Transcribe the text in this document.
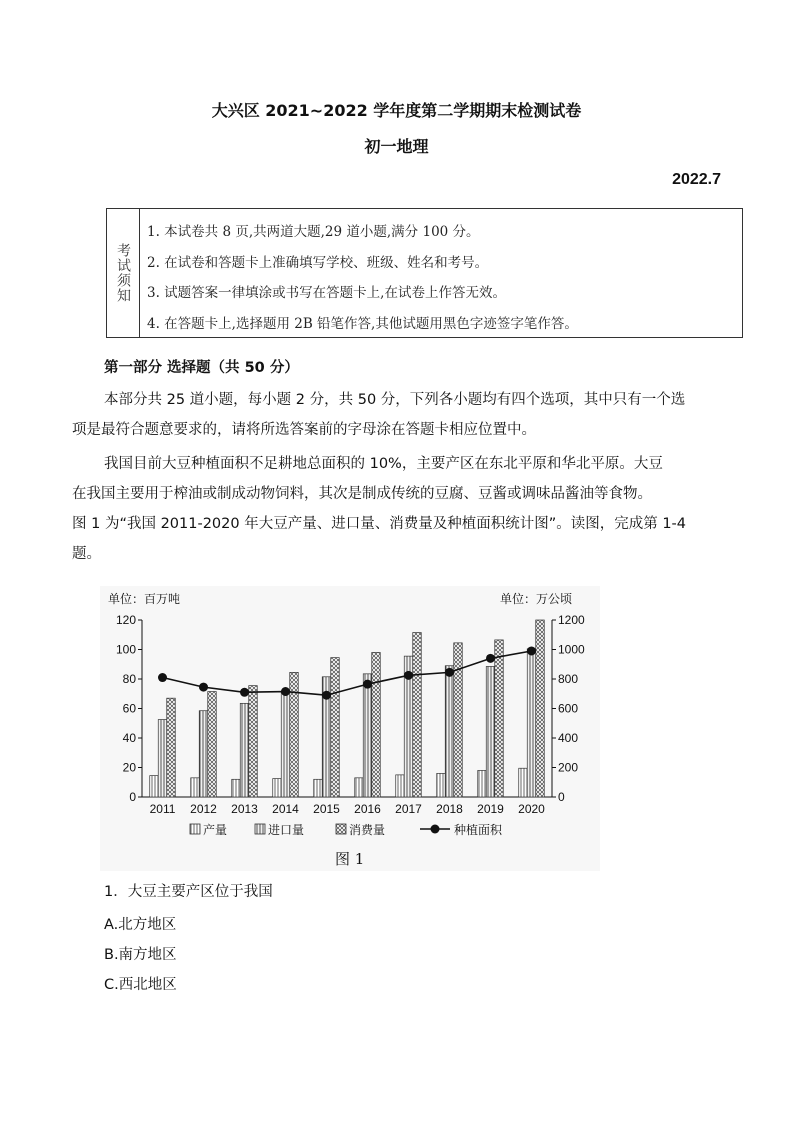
大兴区 2021~2022 学年度第二学期期末检测试卷
初一地理
2022.7
考试须知
1. 本试卷共 8 页,共两道大题,29 道小题,满分 100 分。
2. 在试卷和答题卡上准确填写学校、班级、姓名和考号。
3. 试题答案一律填涂或书写在答题卡上,在试卷上作答无效。
4. 在答题卡上,选择题用 2B 铅笔作答,其他试题用黑色字迹签字笔作答。
第一部分 选择题（共 50 分）
本部分共 25 道小题，每小题 2 分，共 50 分，下列各小题均有四个选项，其中只有一个选
项是最符合题意要求的，请将所选答案前的字母涂在答题卡相应位置中。
我国目前大豆种植面积不足耕地总面积的 10%，主要产区在东北平原和华北平原。大豆
在我国主要用于榨油或制成动物饲料，其次是制成传统的豆腐、豆酱或调味品酱油等食物。
图 1 为“我国 2011-2020 年大豆产量、进口量、消费量及种植面积统计图”。读图，完成第 1-4
题。
单位：百万吨	单位：万公顷
0
20
40
60
80
100
120
0
200
400
600
800
1000
1200
2011 2012 2013 2014 2015 2016 2017 2018 2019 2020
产量	进口量	消费量	种植面积
图 1
1．大豆主要产区位于我国
A.北方地区
B.南方地区
C.西北地区
